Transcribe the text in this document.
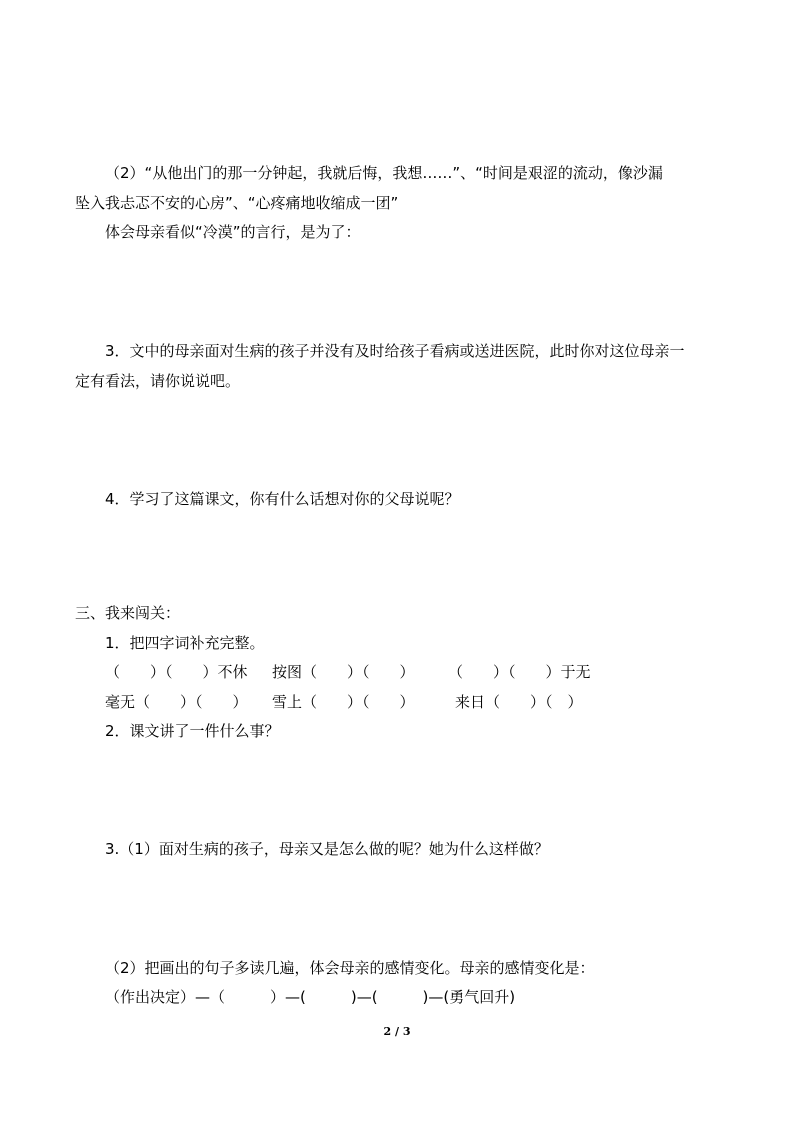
（2）“从他出门的那一分钟起，我就后悔，我想……”、“时间是艰涩的流动，像沙漏
坠入我忐忑不安的心房”、“心疼痛地收缩成一团”
体会母亲看似“冷漠”的言行，是为了：
3．文中的母亲面对生病的孩子并没有及时给孩子看病或送进医院，此时你对这位母亲一
定有看法，请你说说吧。
4．学习了这篇课文，你有什么话想对你的父母说呢？
三、我来闯关：
1．把四字词补充完整。
（　　）（　　）不休 按图（　　）（　　） （　　）（　　）于无
毫无（　　）（　　） 雪上（　　）（　　）	来日（　　）（　）
2．课文讲了一件什么事？
3.（1）面对生病的孩子，母亲又是怎么做的呢？她为什么这样做？
（2）把画出的句子多读几遍，体会母亲的感情变化。母亲的感情变化是：
（作出决定）—（　　　）—(　　　)—(　　　)—(勇气回升)
2 / 3
